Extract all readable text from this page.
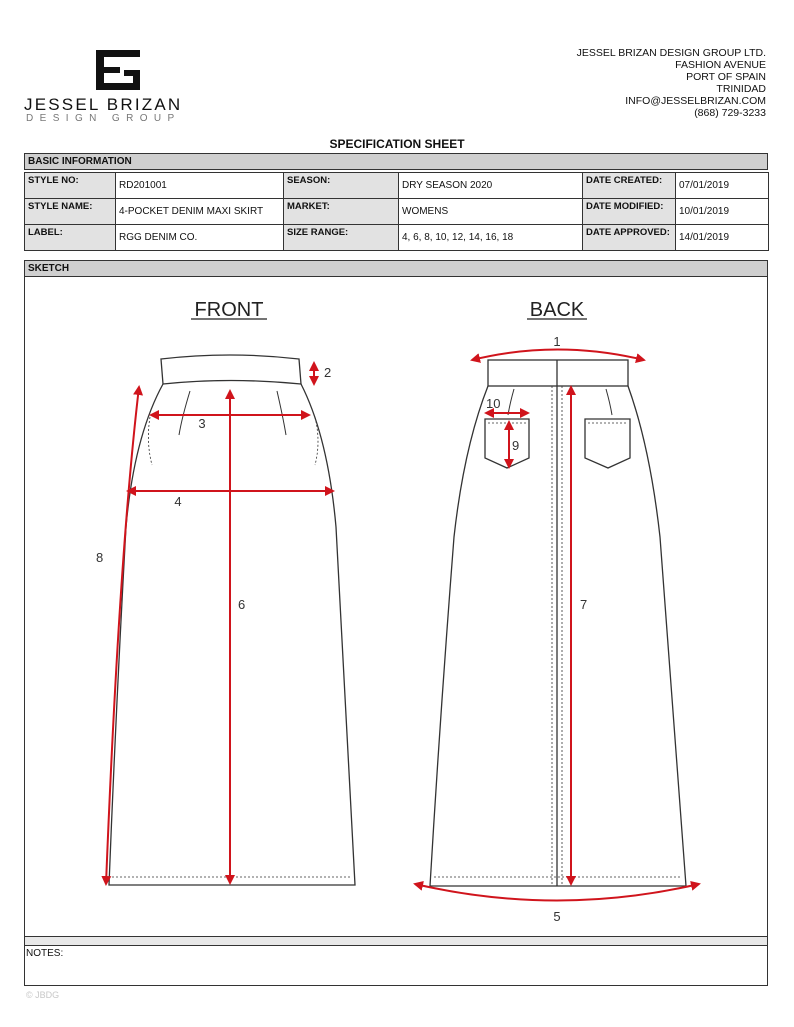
JESSEL BRIZAN
DESIGN GROUP
JESSEL BRIZAN DESIGN GROUP LTD.
FASHION AVENUE
PORT OF SPAIN
TRINIDAD
INFO@JESSELBRIZAN.COM
(868) 729-3233
SPECIFICATION SHEET
BASIC INFORMATION
STYLE NO:	RD201001	SEASON:	DRY SEASON 2020	DATE CREATED:	07/01/2019
STYLE NAME:	4-POCKET DENIM MAXI SKIRT	MARKET:	WOMENS	DATE MODIFIED:	10/01/2019
LABEL:	RGG DENIM CO.	SIZE RANGE:	4, 6, 8, 10, 12, 14, 16, 18	DATE APPROVED:	14/01/2019
SKETCH
FRONT	BACK
1
2
3
4
5
6	7
8
9
10
NOTES:
© JBDG
